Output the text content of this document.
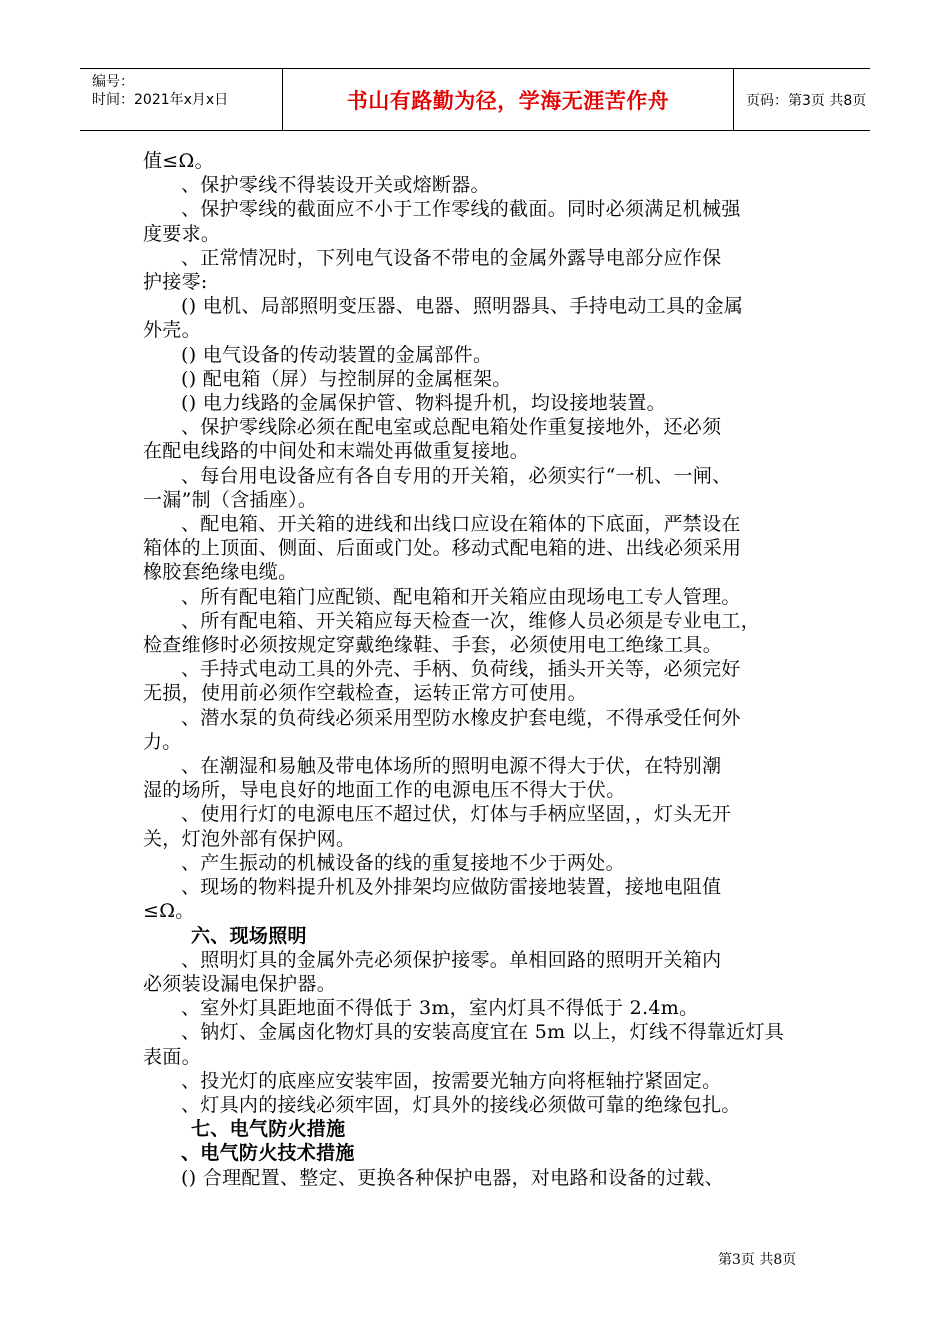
编号：
时间：2021年x月x日	书山有路勤为径，学海无涯苦作舟	页码：第3页 共8页
值≤Ω。
、保护零线不得装设开关或熔断器。
、保护零线的截面应不小于工作零线的截面。同时必须满足机械强
度要求。
、正常情况时，下列电气设备不带电的金属外露导电部分应作保
护接零:
() 电机、局部照明变压器、电器、照明器具、手持电动工具的金属
外壳。
() 电气设备的传动装置的金属部件。
() 配电箱（屏）与控制屏的金属框架。
() 电力线路的金属保护管、物料提升机，均设接地装置。
、保护零线除必须在配电室或总配电箱处作重复接地外，还必须
在配电线路的中间处和末端处再做重复接地。
、每台用电设备应有各自专用的开关箱，必须实行“一机、一闸、
一漏”制（含插座）。
、配电箱、开关箱的进线和出线口应设在箱体的下底面，严禁设在
箱体的上顶面、侧面、后面或门处。移动式配电箱的进、出线必须采用
橡胶套绝缘电缆。
、所有配电箱门应配锁、配电箱和开关箱应由现场电工专人管理。
、所有配电箱、开关箱应每天检查一次，维修人员必须是专业电工，
检查维修时必须按规定穿戴绝缘鞋、手套，必须使用电工绝缘工具。
、手持式电动工具的外壳、手柄、负荷线，插头开关等，必须完好
无损，使用前必须作空载检查，运转正常方可使用。
、潜水泵的负荷线必须采用型防水橡皮护套电缆，不得承受任何外
力。
、在潮湿和易触及带电体场所的照明电源不得大于伏，在特别潮
湿的场所，导电良好的地面工作的电源电压不得大于伏。
、使用行灯的电源电压不超过伏，灯体与手柄应坚固，，灯头无开
关，灯泡外部有保护网。
、产生振动的机械设备的线的重复接地不少于两处。
、现场的物料提升机及外排架均应做防雷接地装置，接地电阻值
≤Ω。
六、现场照明
、照明灯具的金属外壳必须保护接零。单相回路的照明开关箱内
必须装设漏电保护器。
、室外灯具距地面不得低于 3m，室内灯具不得低于 2.4m。
、钠灯、金属卤化物灯具的安装高度宜在 5m 以上，灯线不得靠近灯具
表面。
、投光灯的底座应安装牢固，按需要光轴方向将框轴拧紧固定。
、灯具内的接线必须牢固，灯具外的接线必须做可靠的绝缘包扎。
七、电气防火措施
、电气防火技术措施
() 合理配置、整定、更换各种保护电器，对电路和设备的过载、
第3页 共8页
